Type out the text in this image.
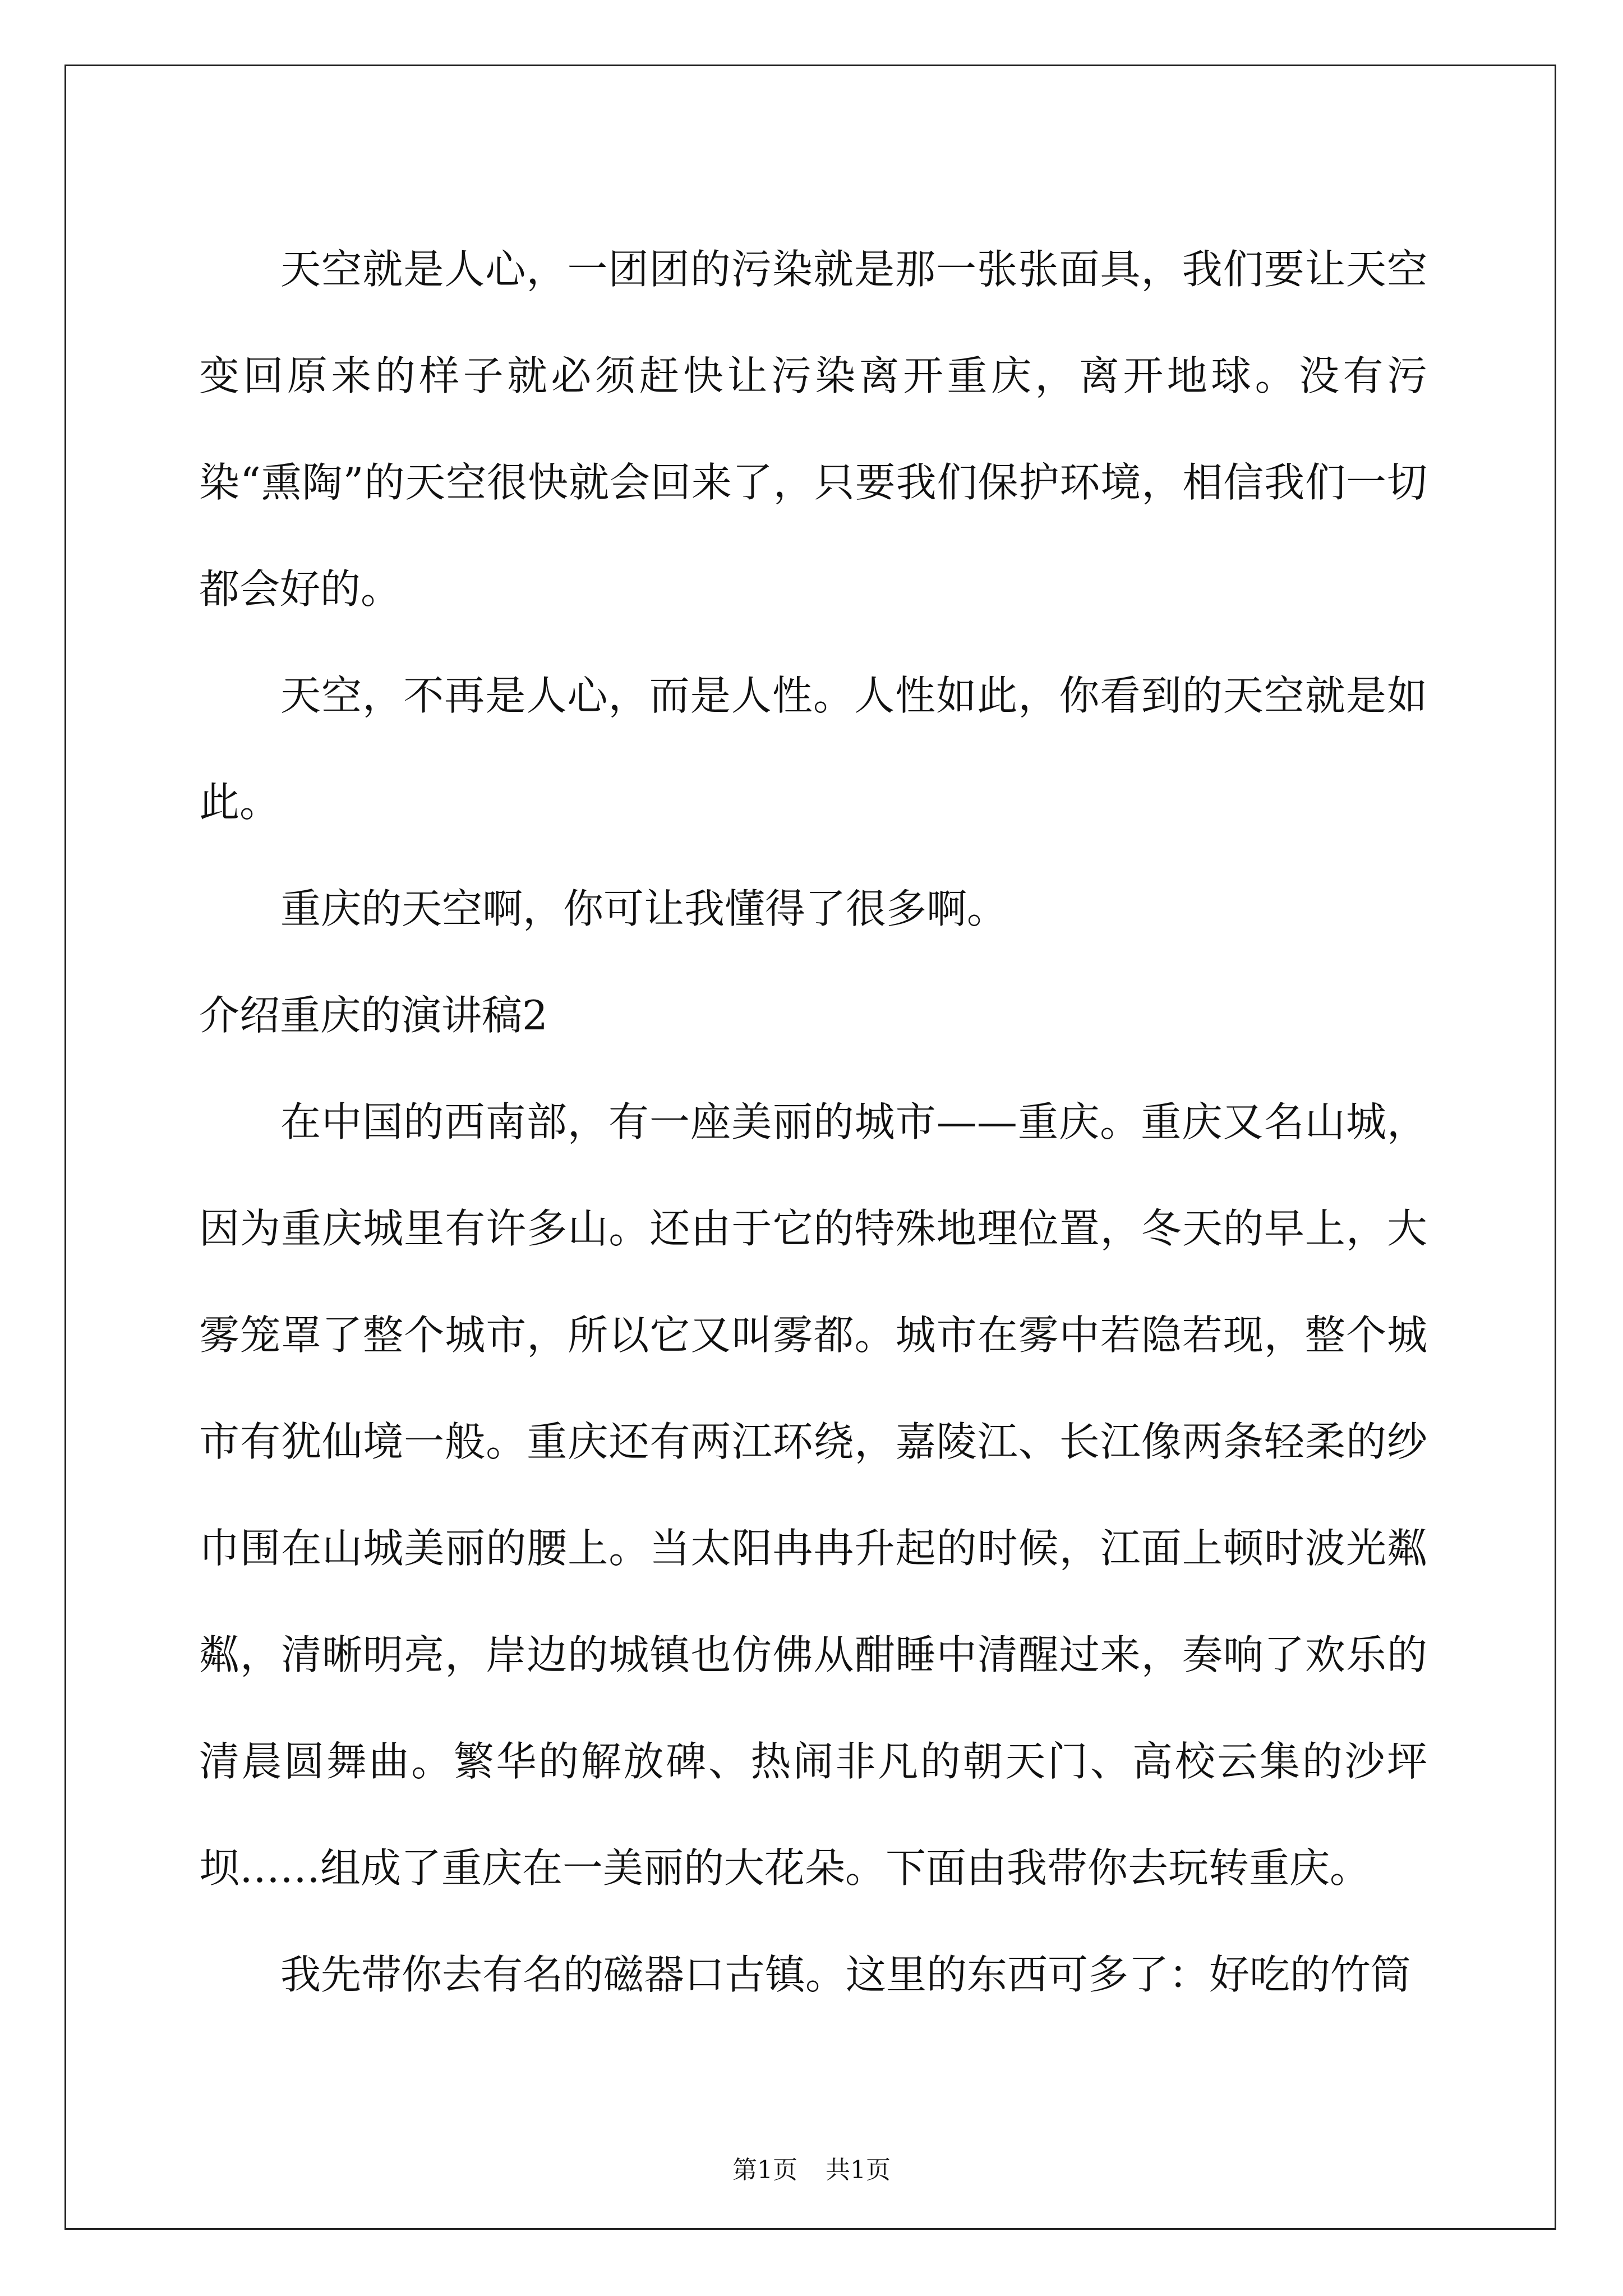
天空就是人心，一团团的污染就是那一张张面具，我们要让天空变回原来的样子就必须赶快让污染离开重庆，离开地球。没有污染“熏陶”的天空很快就会回来了，只要我们保护环境，相信我们一切都会好的。

天空，不再是人心，而是人性。人性如此，你看到的天空就是如此。

重庆的天空啊，你可让我懂得了很多啊。

介绍重庆的演讲稿2

在中国的西南部，有一座美丽的城市——重庆。重庆又名山城，因为重庆城里有许多山。还由于它的特殊地理位置，冬天的早上，大雾笼罩了整个城市，所以它又叫雾都。城市在雾中若隐若现，整个城市有犹仙境一般。重庆还有两江环绕，嘉陵江、长江像两条轻柔的纱巾围在山城美丽的腰上。当太阳冉冉升起的时候，江面上顿时波光粼粼，清晰明亮，岸边的城镇也仿佛从酣睡中清醒过来，奏响了欢乐的清晨圆舞曲。繁华的解放碑、热闹非凡的朝天门、高校云集的沙坪坝……组成了重庆在一美丽的大花朵。下面由我带你去玩转重庆。

我先带你去有名的磁器口古镇。这里的东西可多了：好吃的竹筒

第1页 共1页
